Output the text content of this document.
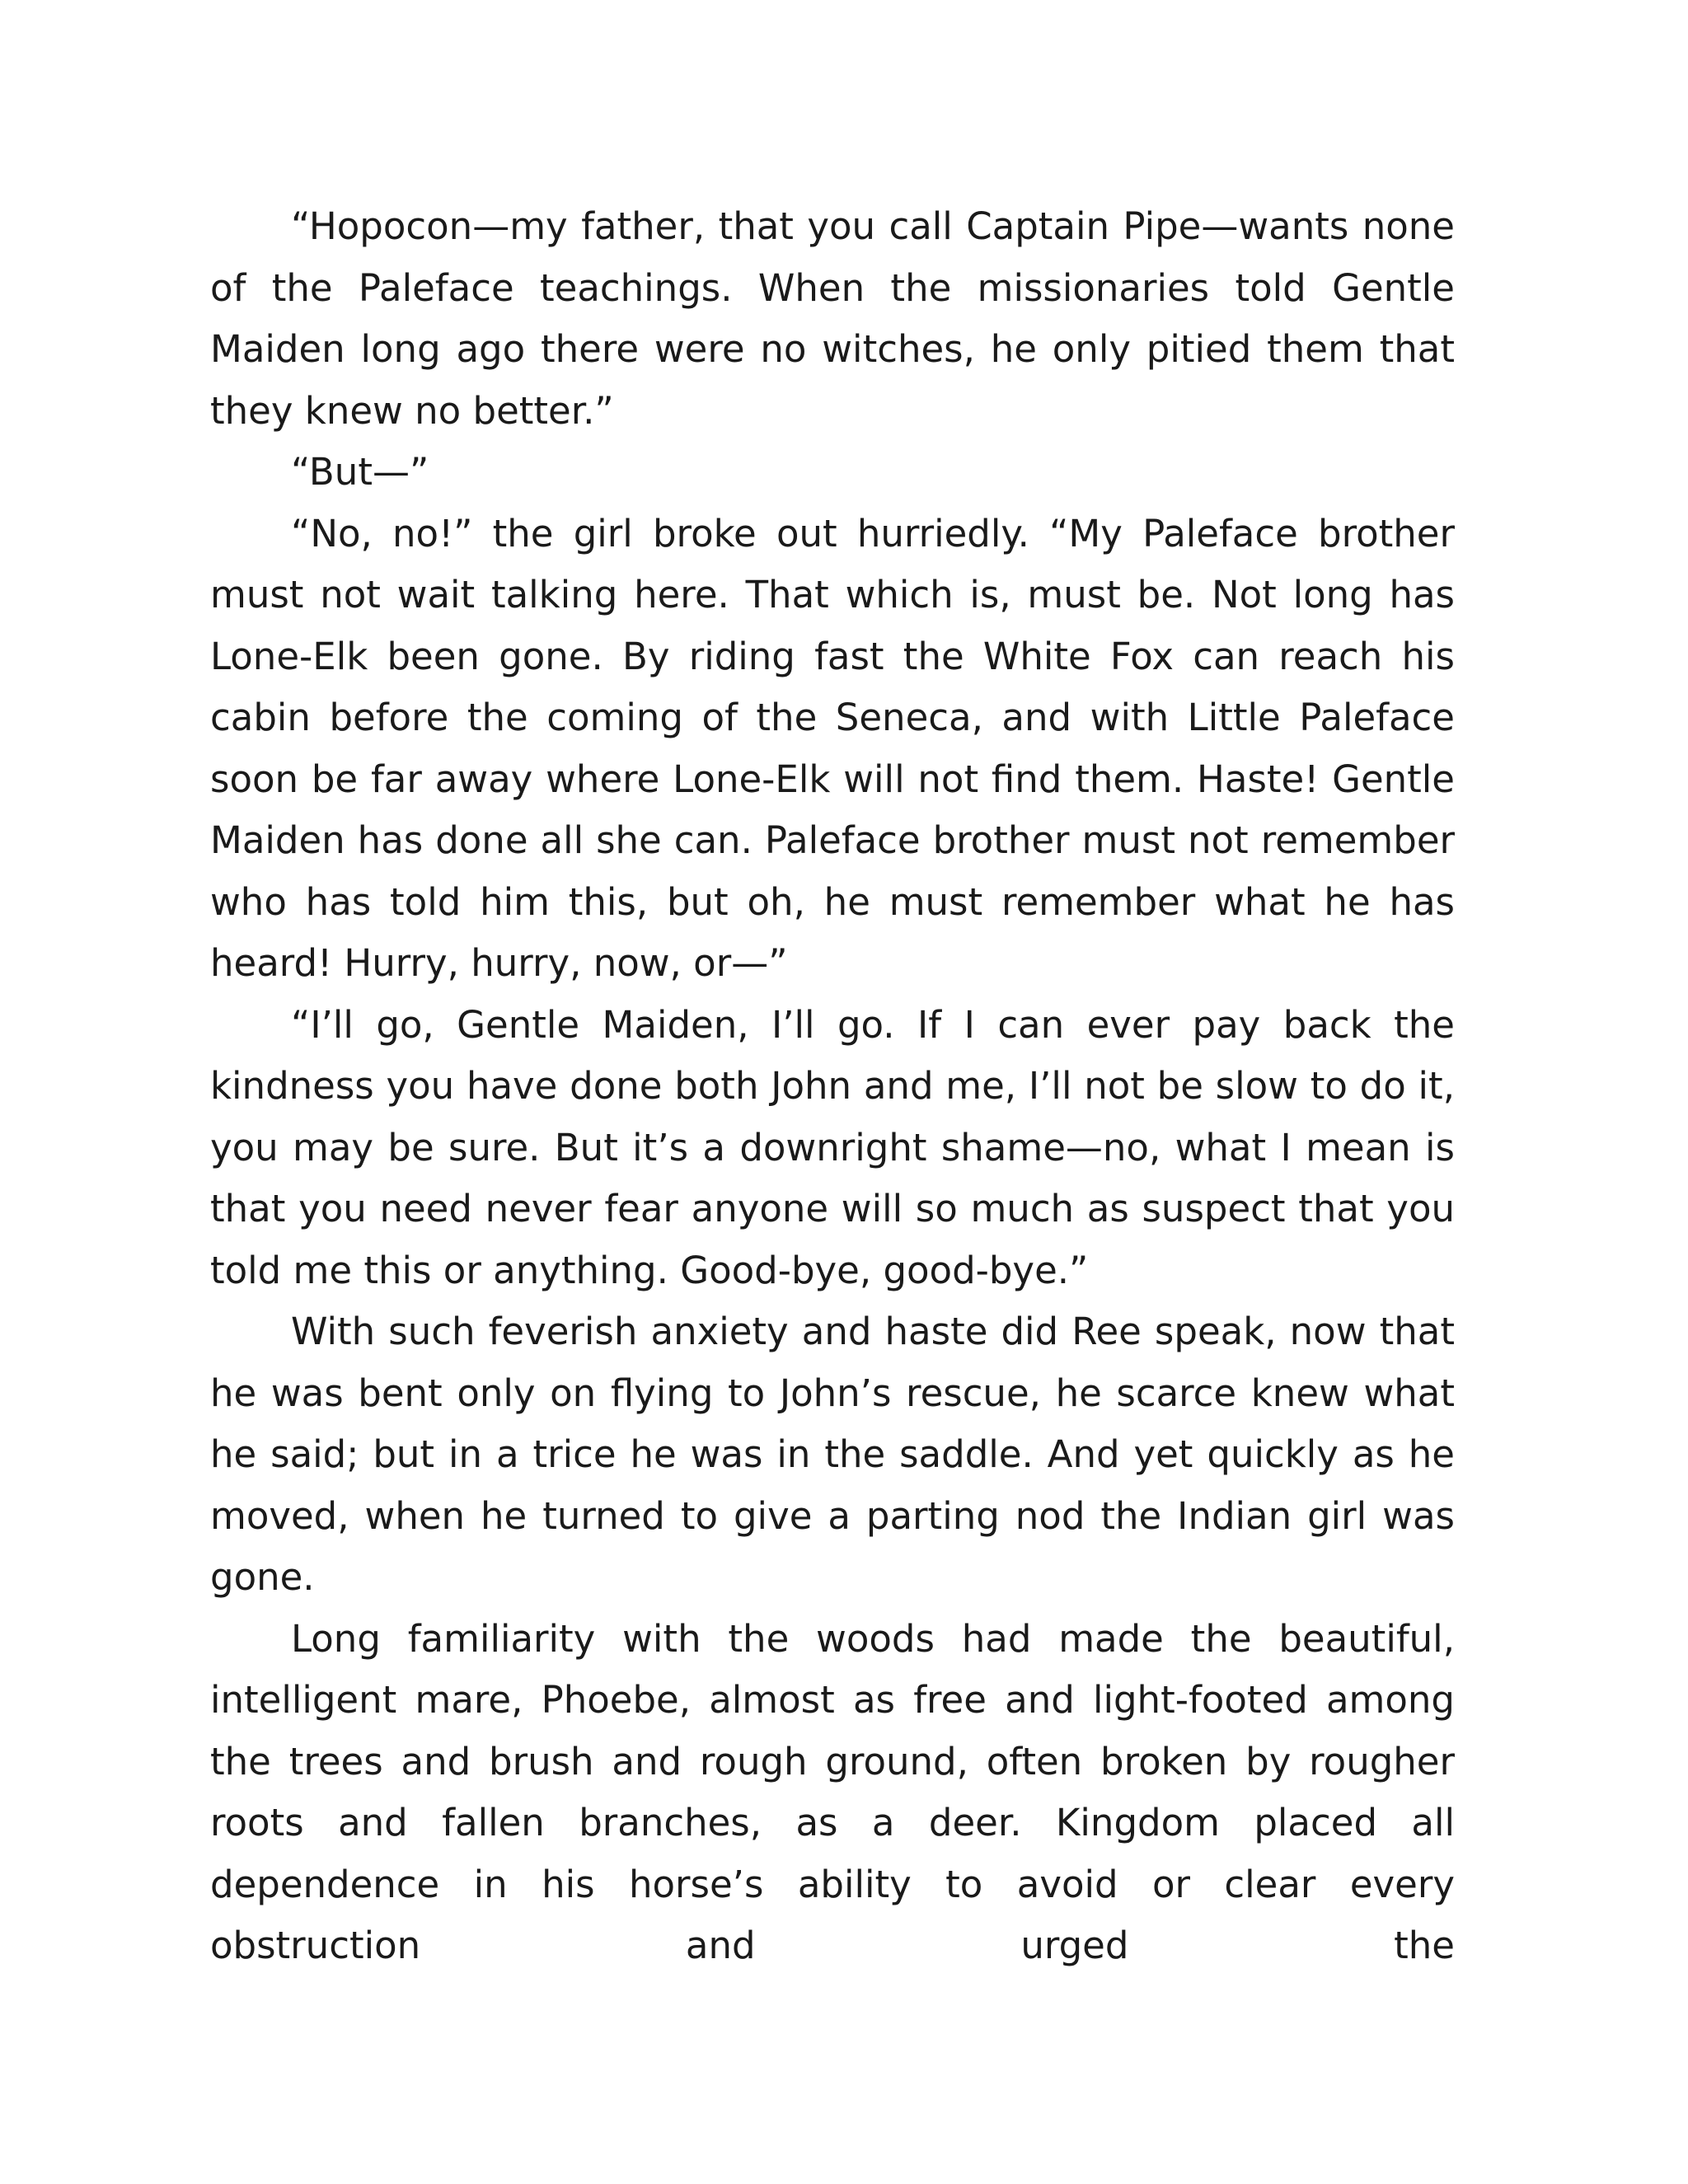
“Hopocon—my father, that you call Captain Pipe—wants none of the Paleface teachings. When the missionaries told Gentle Maiden long ago there were no witches, he only pitied them that they knew no better.”

“But—”

“No, no!” the girl broke out hurriedly. “My Paleface brother must not wait talking here. That which is, must be. Not long has Lone-Elk been gone. By riding fast the White Fox can reach his cabin before the coming of the Seneca, and with Little Paleface soon be far away where Lone-Elk will not find them. Haste! Gentle Maiden has done all she can. Paleface brother must not remember who has told him this, but oh, he must remember what he has heard! Hurry, hurry, now, or—”

“I’ll go, Gentle Maiden, I’ll go. If I can ever pay back the kindness you have done both John and me, I’ll not be slow to do it, you may be sure. But it’s a downright shame—no, what I mean is that you need never fear anyone will so much as suspect that you told me this or anything. Good-bye, good-bye.”

With such feverish anxiety and haste did Ree speak, now that he was bent only on flying to John’s rescue, he scarce knew what he said; but in a trice he was in the saddle. And yet quickly as he moved, when he turned to give a parting nod the Indian girl was gone.

Long familiarity with the woods had made the beautiful, intelligent mare, Phoebe, almost as free and light-footed among the trees and brush and rough ground, often broken by rougher roots and fallen branches, as a deer. Kingdom placed all dependence in his horse’s ability to avoid or clear every obstruction and urged the
